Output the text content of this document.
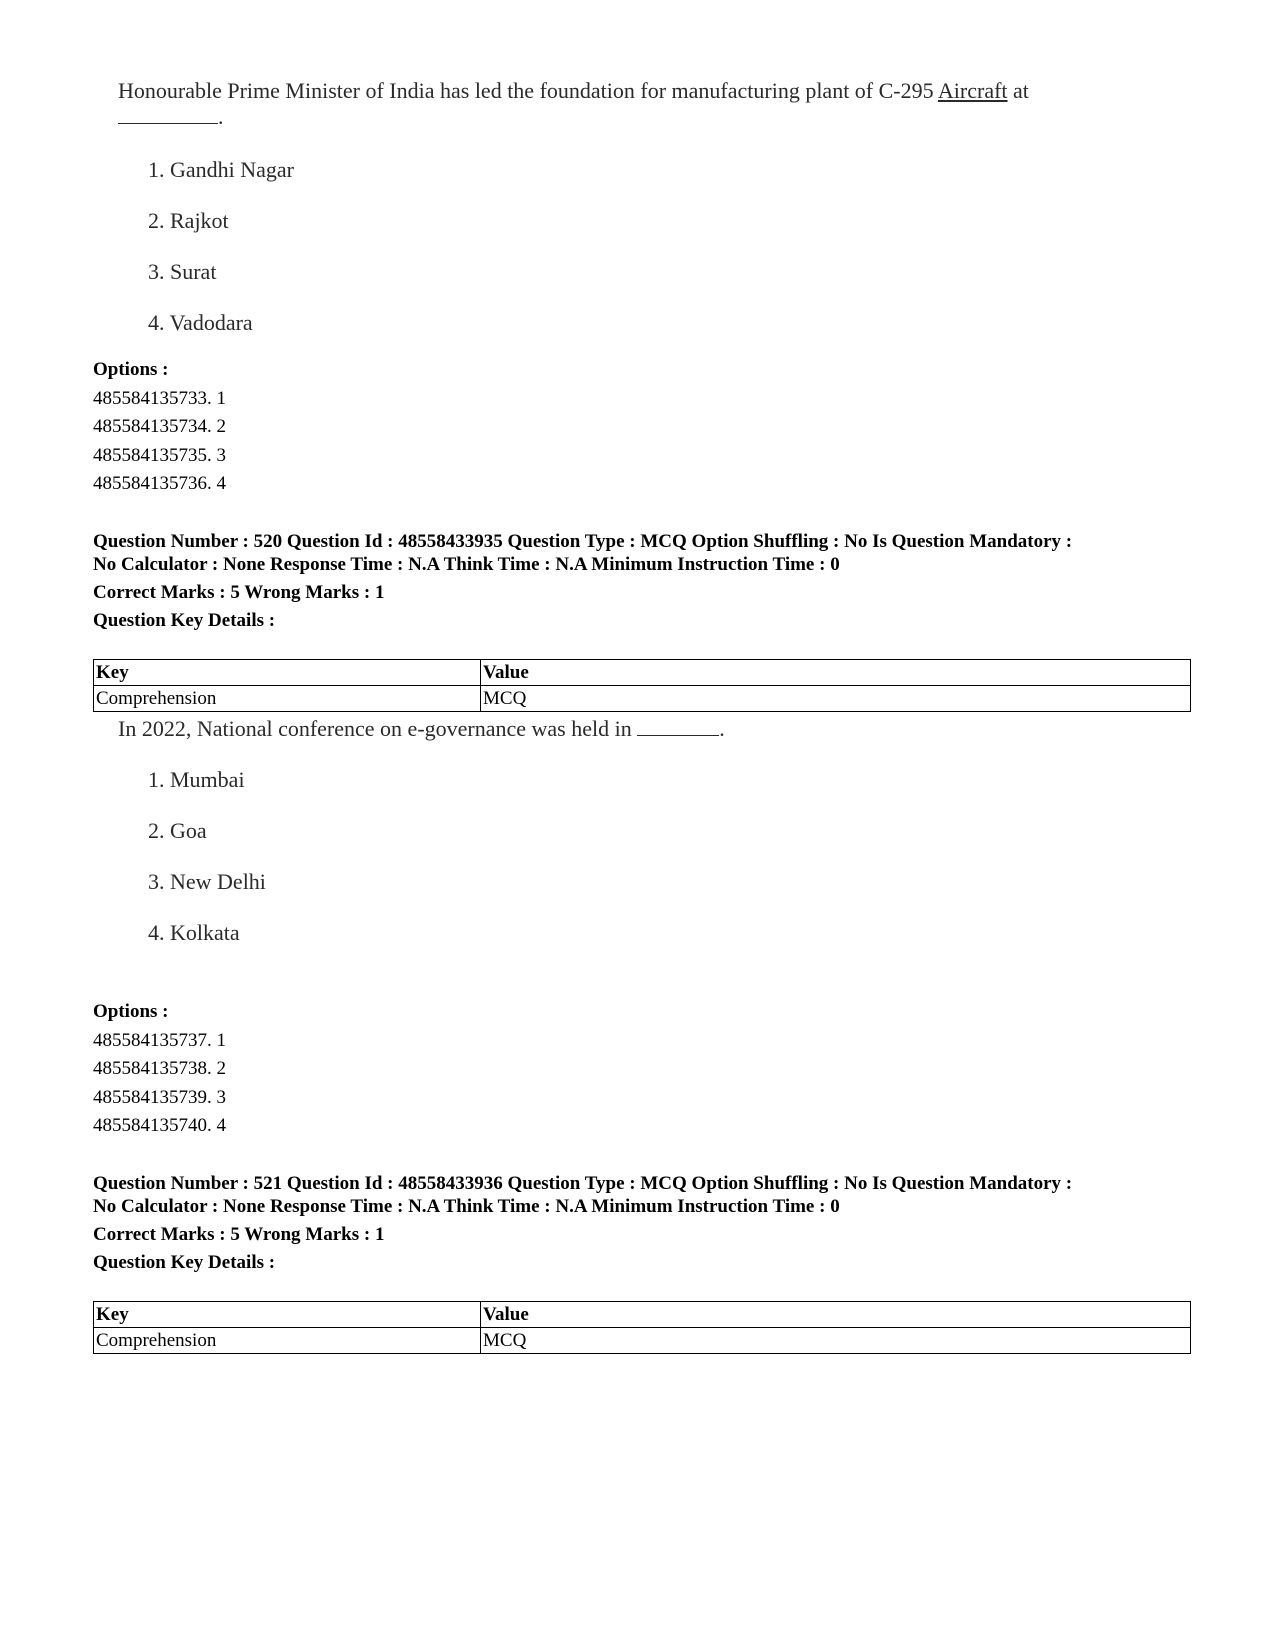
Honourable Prime Minister of India has led the foundation for manufacturing plant of C-295 Aircraft at
.
1. Gandhi Nagar
2. Rajkot
3. Surat
4. Vadodara
Options :
485584135733. 1
485584135734. 2
485584135735. 3
485584135736. 4
Question Number : 520 Question Id : 48558433935 Question Type : MCQ Option Shuffling : No Is Question Mandatory :
No Calculator : None Response Time : N.A Think Time : N.A Minimum Instruction Time : 0
Correct Marks : 5 Wrong Marks : 1
Question Key Details :
Key	Value
Comprehension	MCQ
In 2022, National conference on e-governance was held in	.
1. Mumbai
2. Goa
3. New Delhi
4. Kolkata
Options :
485584135737. 1
485584135738. 2
485584135739. 3
485584135740. 4
Question Number : 521 Question Id : 48558433936 Question Type : MCQ Option Shuffling : No Is Question Mandatory :
No Calculator : None Response Time : N.A Think Time : N.A Minimum Instruction Time : 0
Correct Marks : 5 Wrong Marks : 1
Question Key Details :
Key	Value
Comprehension	MCQ
